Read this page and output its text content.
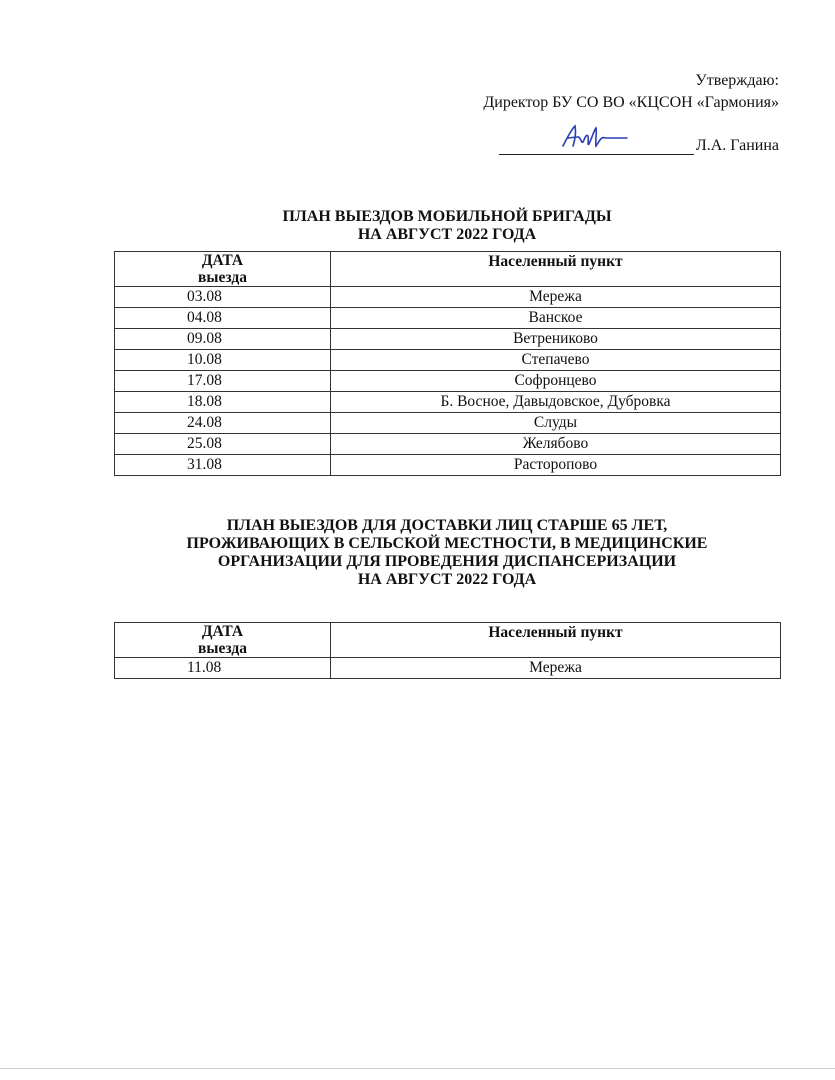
Утверждаю:
Директор БУ СО ВО «КЦСОН «Гармония»
Л.А. Ганина
ПЛАН ВЫЕЗДОВ МОБИЛЬНОЙ БРИГАДЫ
НА АВГУСТ 2022 ГОДА
ДАТА
выезда	Населенный пункт
03.08	Мережа
04.08	Ванское
09.08	Ветрениково
10.08	Степачево
17.08	Софронцево
18.08	Б. Восное, Давыдовское, Дубровка
24.08	Слуды
25.08	Желябово
31.08	Расторопово
ПЛАН ВЫЕЗДОВ ДЛЯ ДОСТАВКИ ЛИЦ СТАРШЕ 65 ЛЕТ,
ПРОЖИВАЮЩИХ В СЕЛЬСКОЙ МЕСТНОСТИ, В МЕДИЦИНСКИЕ
ОРГАНИЗАЦИИ ДЛЯ ПРОВЕДЕНИЯ ДИСПАНСЕРИЗАЦИИ
НА АВГУСТ 2022 ГОДА
ДАТА
выезда	Населенный пункт
11.08	Мережа
